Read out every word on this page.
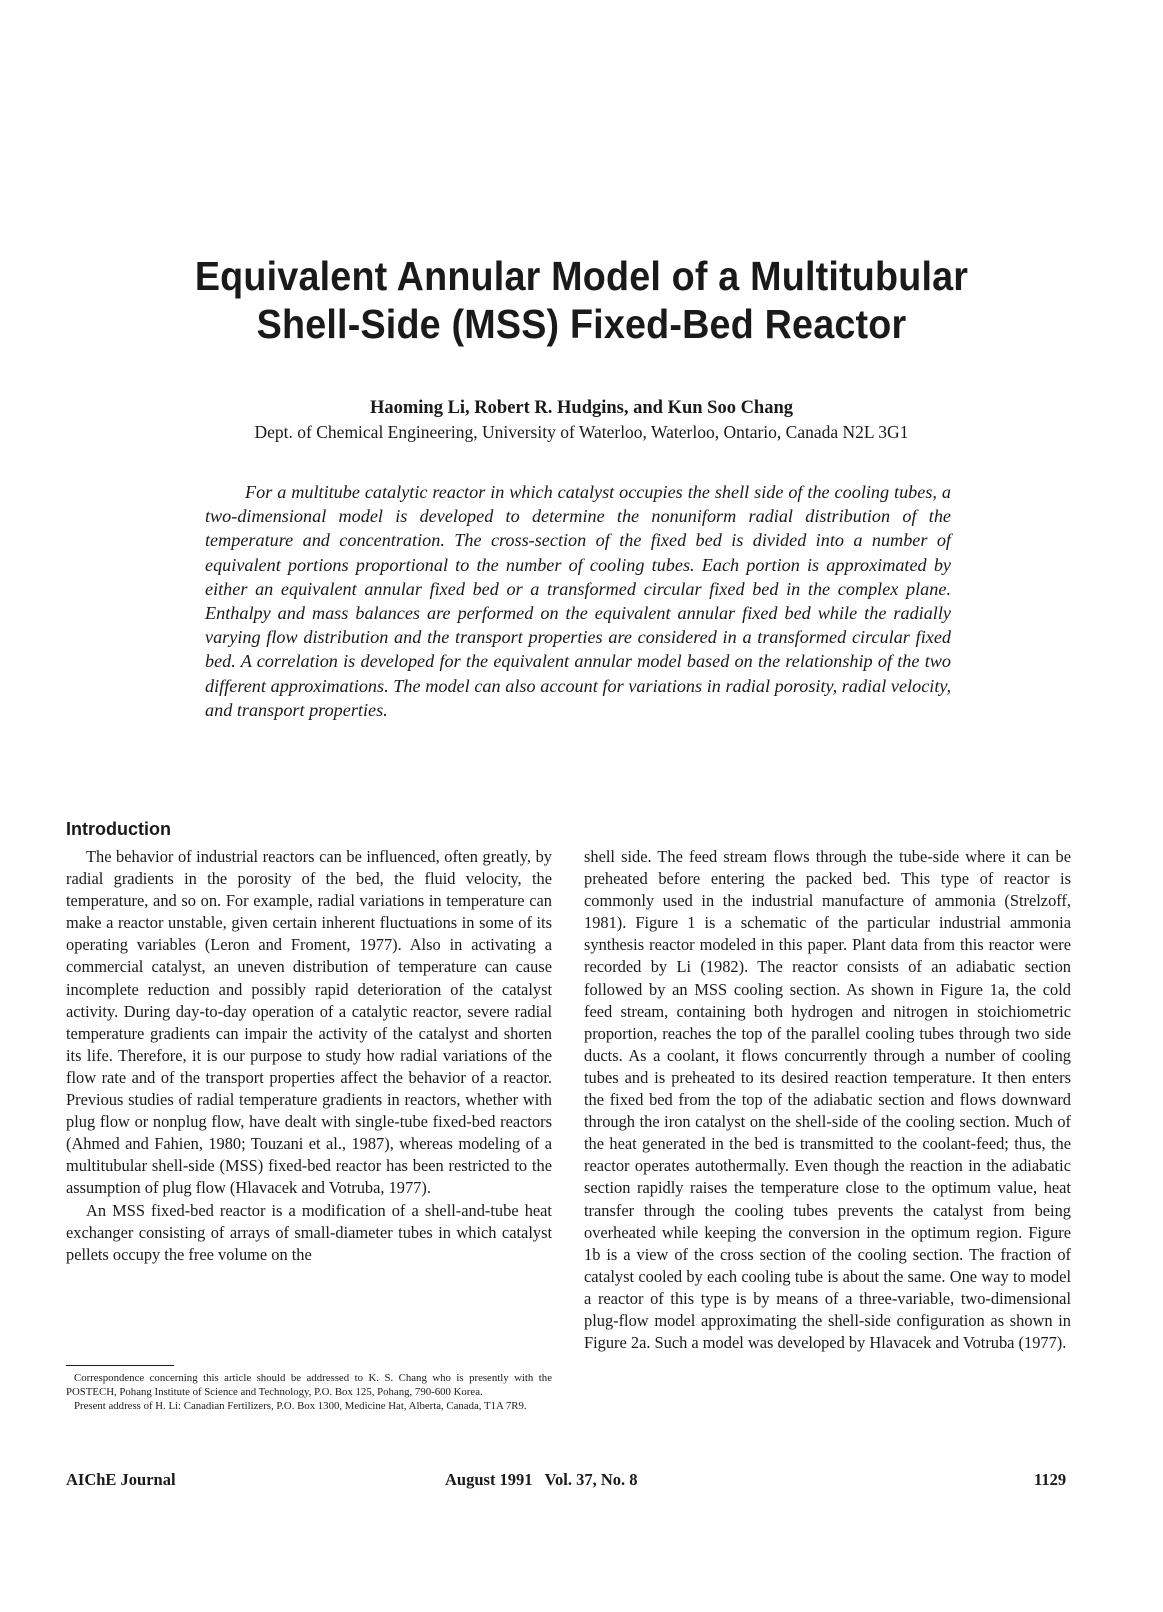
Equivalent Annular Model of a Multitubular
Shell-Side (MSS) Fixed-Bed Reactor
Haoming Li, Robert R. Hudgins, and Kun Soo Chang
Dept. of Chemical Engineering, University of Waterloo, Waterloo, Ontario, Canada N2L 3G1

For a multitube catalytic reactor in which catalyst occupies the shell side of the cooling tubes, a two-dimensional model is developed to determine the nonuniform radial distribution of the temperature and concentration. The cross-section of the fixed bed is divided into a number of equivalent portions proportional to the number of cooling tubes. Each portion is approximated by either an equivalent annular fixed bed or a transformed circular fixed bed in the complex plane. Enthalpy and mass balances are performed on the equivalent annular fixed bed while the radially varying flow distribution and the transport properties are considered in a transformed circular fixed bed. A correlation is developed for the equivalent annular model based on the relationship of the two different approximations. The model can also account for variations in radial porosity, radial velocity, and transport properties.

Introduction

The behavior of industrial reactors can be influenced, often greatly, by radial gradients in the porosity of the bed, the fluid velocity, the temperature, and so on. For example, radial variations in temperature can make a reactor unstable, given certain inherent fluctuations in some of its operating variables (Leron and Froment, 1977). Also in activating a commercial catalyst, an uneven distribution of temperature can cause incomplete reduction and possibly rapid deterioration of the catalyst activity. During day-to-day operation of a catalytic reactor, severe radial temperature gradients can impair the activity of the catalyst and shorten its life. Therefore, it is our purpose to study how radial variations of the flow rate and of the transport properties affect the behavior of a reactor. Previous studies of radial temperature gradients in reactors, whether with plug flow or nonplug flow, have dealt with single-tube fixed-bed reactors (Ahmed and Fahien, 1980; Touzani et al., 1987), whereas modeling of a multitubular shell-side (MSS) fixed-bed reactor has been restricted to the assumption of plug flow (Hlavacek and Votruba, 1977).

An MSS fixed-bed reactor is a modification of a shell-and-tube heat exchanger consisting of arrays of small-diameter tubes in which catalyst pellets occupy the free volume on the

shell side. The feed stream flows through the tube-side where it can be preheated before entering the packed bed. This type of reactor is commonly used in the industrial manufacture of ammonia (Strelzoff, 1981). Figure 1 is a schematic of the particular industrial ammonia synthesis reactor modeled in this paper. Plant data from this reactor were recorded by Li (1982). The reactor consists of an adiabatic section followed by an MSS cooling section. As shown in Figure 1a, the cold feed stream, containing both hydrogen and nitrogen in stoichiometric proportion, reaches the top of the parallel cooling tubes through two side ducts. As a coolant, it flows concurrently through a number of cooling tubes and is preheated to its desired reaction temperature. It then enters the fixed bed from the top of the adiabatic section and flows downward through the iron catalyst on the shell-side of the cooling section. Much of the heat generated in the bed is transmitted to the coolant-feed; thus, the reactor operates autothermally. Even though the reaction in the adiabatic section rapidly raises the temperature close to the optimum value, heat transfer through the cooling tubes prevents the catalyst from being overheated while keeping the conversion in the optimum region. Figure 1b is a view of the cross section of the cooling section. The fraction of catalyst cooled by each cooling tube is about the same. One way to model a reactor of this type is by means of a three-variable, two-dimensional plug-flow model approximating the shell-side configuration as shown in Figure 2a. Such a model was developed by Hlavacek and Votruba (1977).

Correspondence concerning this article should be addressed to K. S. Chang who is presently with the POSTECH, Pohang Institute of Science and Technology, P.O. Box 125, Pohang, 790-600 Korea.

Present address of H. Li: Canadian Fertilizers, P.O. Box 1300, Medicine Hat, Alberta, Canada, T1A 7R9.

AIChE Journal	August 1991   Vol. 37, No. 8	1129
